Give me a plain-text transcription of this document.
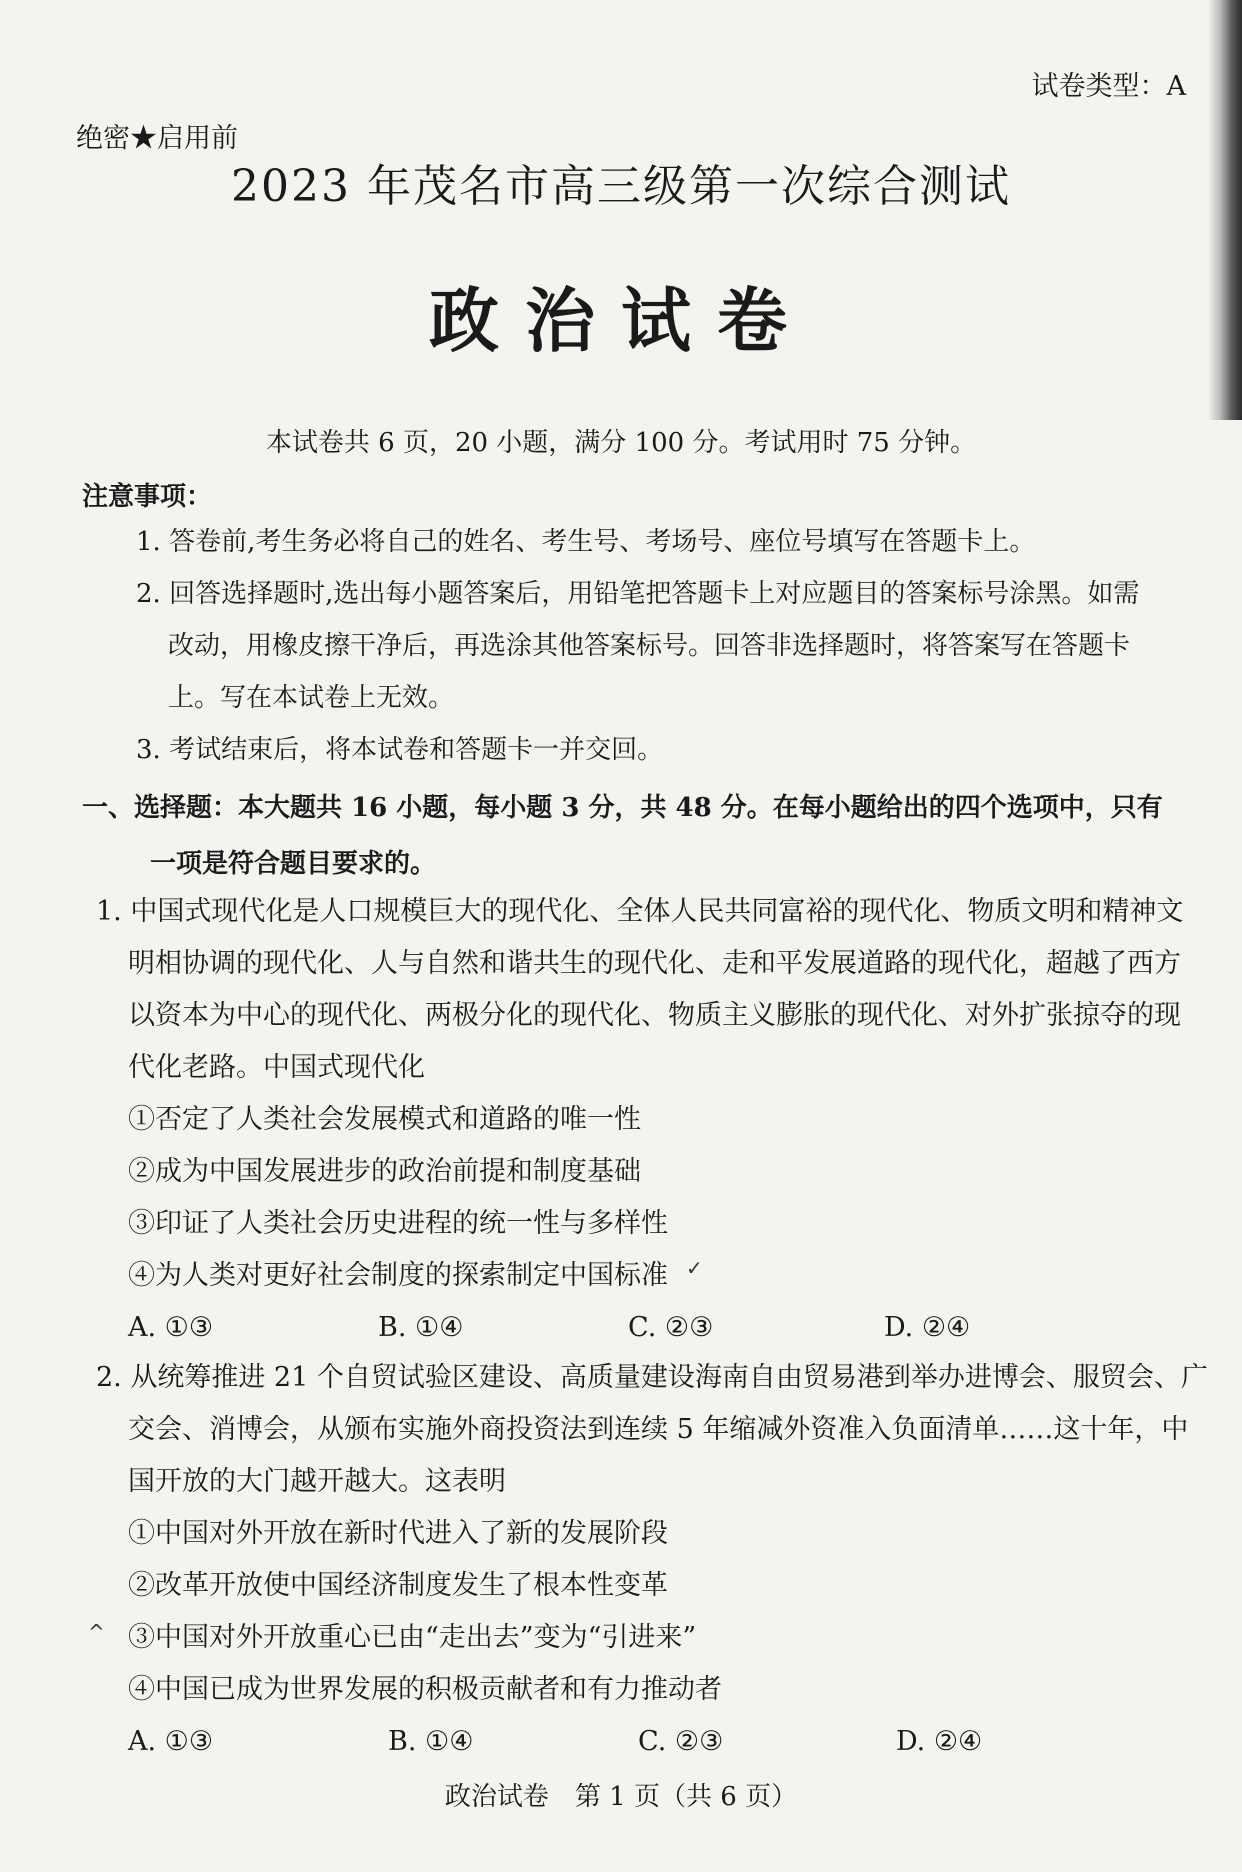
试卷类型：A
绝密★启用前
2023 年茂名市高三级第一次综合测试
政治试卷
本试卷共 6 页，20 小题，满分 100 分。考试用时 75 分钟。
注意事项：
1. 答卷前,考生务必将自己的姓名、考生号、考场号、座位号填写在答题卡上。
2. 回答选择题时,选出每小题答案后，用铅笔把答题卡上对应题目的答案标号涂黑。如需
改动，用橡皮擦干净后，再选涂其他答案标号。回答非选择题时，将答案写在答题卡
上。写在本试卷上无效。
3. 考试结束后，将本试卷和答题卡一并交回。
一、选择题：本大题共 16 小题，每小题 3 分，共 48 分。在每小题给出的四个选项中，只有
一项是符合题目要求的。
1. 中国式现代化是人口规模巨大的现代化、全体人民共同富裕的现代化、物质文明和精神文
明相协调的现代化、人与自然和谐共生的现代化、走和平发展道路的现代化，超越了西方
以资本为中心的现代化、两极分化的现代化、物质主义膨胀的现代化、对外扩张掠夺的现
代化老路。中国式现代化
①否定了人类社会发展模式和道路的唯一性
②成为中国发展进步的政治前提和制度基础
③印证了人类社会历史进程的统一性与多样性
④为人类对更好社会制度的探索制定中国标准
A. ①③	B. ①④	C. ②③	D. ②④
2. 从统筹推进 21 个自贸试验区建设、高质量建设海南自由贸易港到举办进博会、服贸会、广
交会、消博会，从颁布实施外商投资法到连续 5 年缩减外资准入负面清单……这十年，中
国开放的大门越开越大。这表明
①中国对外开放在新时代进入了新的发展阶段
②改革开放使中国经济制度发生了根本性变革
③中国对外开放重心已由“走出去”变为“引进来”
④中国已成为世界发展的积极贡献者和有力推动者
A. ①③	B. ①④	C. ②③	D. ②④
✓
^
政治试卷　第 1 页（共 6 页）
